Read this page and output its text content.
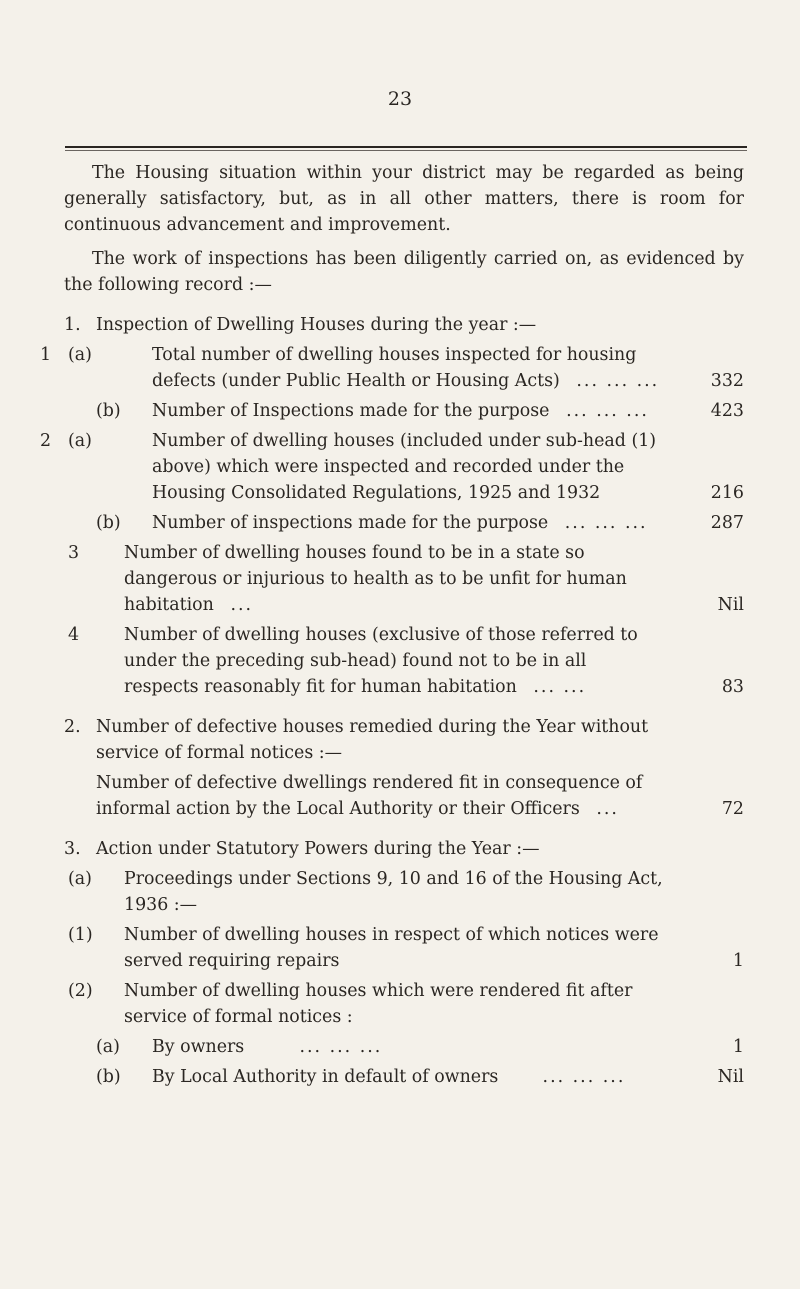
23

The Housing situation within your district may be regarded as being generally satisfactory, but, as in all other matters, there is room for continuous advancement and improvement.

The work of inspections has been diligently carried on, as evidenced by the following record :—

1. Inspection of Dwelling Houses during the year :—
1 (a)	Total number of dwelling houses inspected for housing defects (under Public Health or Housing Acts) ... ... ...	332
(b) Number of Inspections made for the purpose ... ... ...	423
2 (a)	Number of dwelling houses (included under sub-head (1) above) which were inspected and recorded under the Housing Consolidated Regulations, 1925 and 1932	216
(b) Number of inspections made for the purpose ... ... ...	287
3	Number of dwelling houses found to be in a state so dangerous or injurious to health as to be unfit for human habitation ...	Nil
4	Number of dwelling houses (exclusive of those referred to under the preceding sub-head) found not to be in all respects reasonably fit for human habitation ... ...	83
2. Number of defective houses remedied during the Year without service of formal notices :—
Number of defective dwellings rendered fit in consequence of informal action by the Local Authority or their Officers ...	72
3. Action under Statutory Powers during the Year :—
(a) Proceedings under Sections 9, 10 and 16 of the Housing Act, 1936 :—
(1) Number of dwelling houses in respect of which notices were served requiring repairs	1
(2) Number of dwelling houses which were rendered fit after service of formal notices :
(a) By owners	... ... ...	1
(b) By Local Authority in default of owners	... ... ...	Nil
